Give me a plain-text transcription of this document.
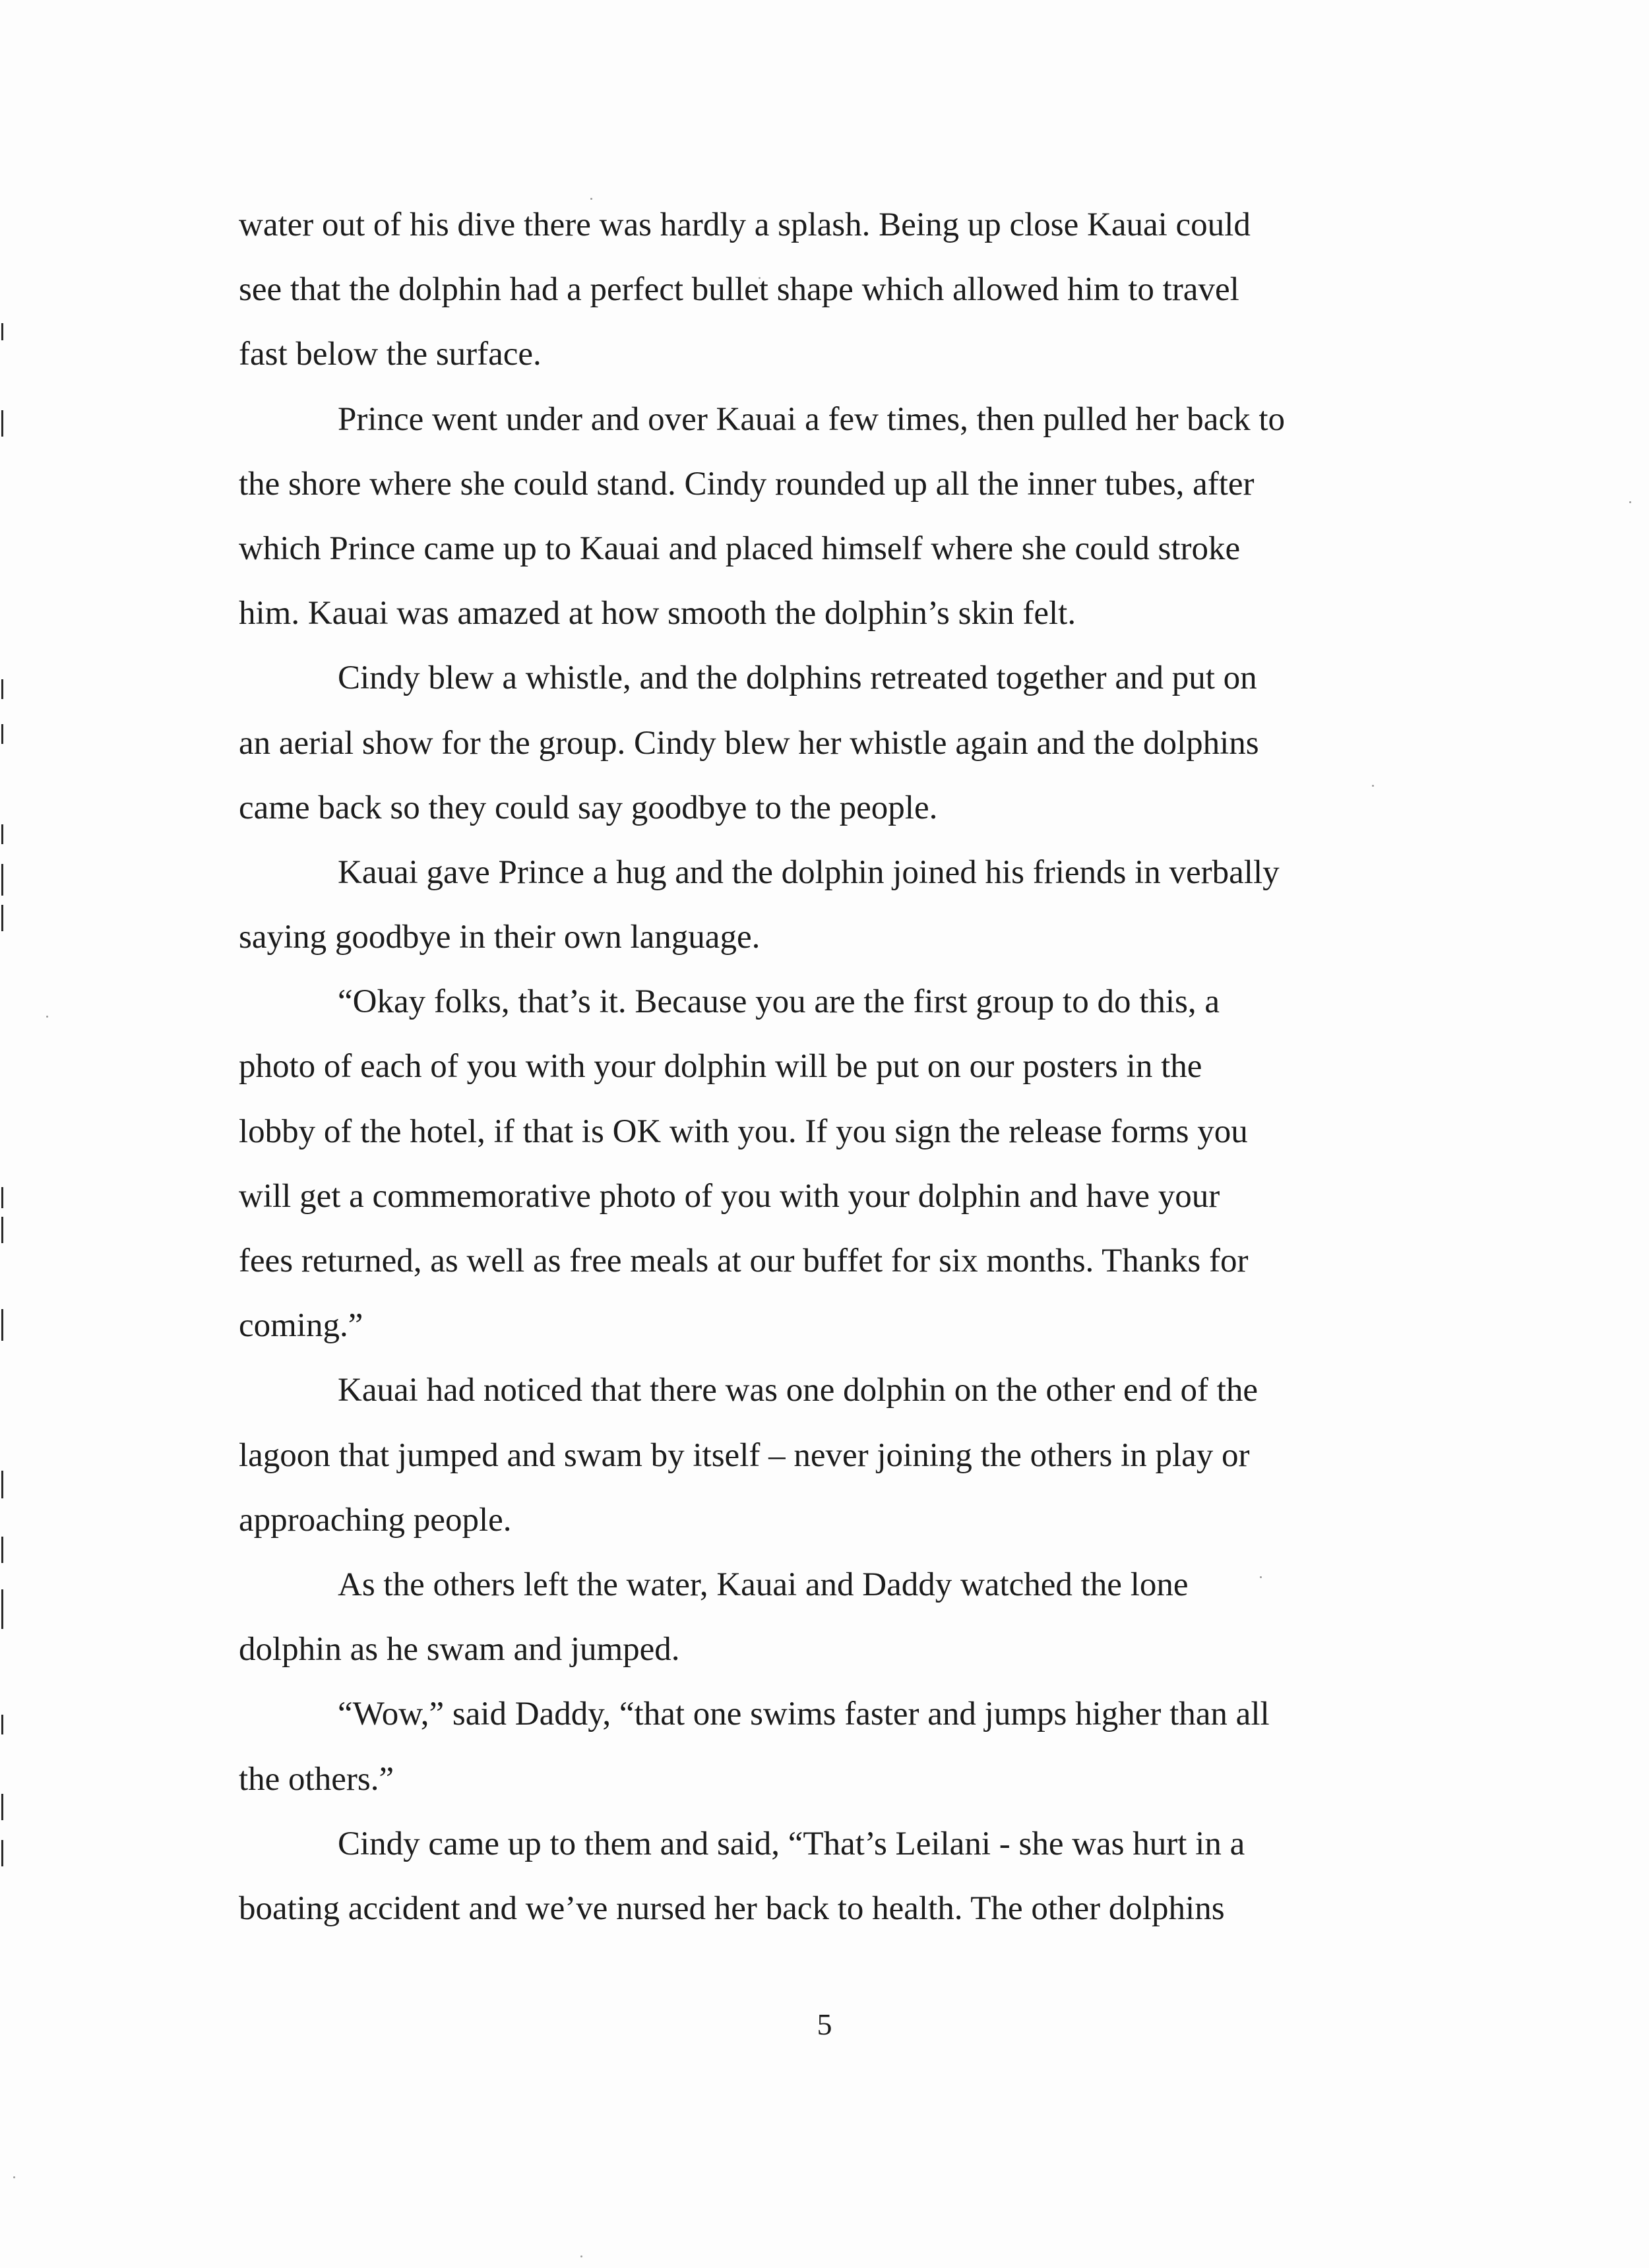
water out of his dive there was hardly a splash. Being up close Kauai could
see that the dolphin had a perfect bullet shape which allowed him to travel
fast below the surface.
Prince went under and over Kauai a few times, then pulled her back to
the shore where she could stand. Cindy rounded up all the inner tubes, after
which Prince came up to Kauai and placed himself where she could stroke
him. Kauai was amazed at how smooth the dolphin’s skin felt.
Cindy blew a whistle, and the dolphins retreated together and put on
an aerial show for the group. Cindy blew her whistle again and the dolphins
came back so they could say goodbye to the people.
Kauai gave Prince a hug and the dolphin joined his friends in verbally
saying goodbye in their own language.
“Okay folks, that’s it. Because you are the first group to do this, a
photo of each of you with your dolphin will be put on our posters in the
lobby of the hotel, if that is OK with you. If you sign the release forms you
will get a commemorative photo of you with your dolphin and have your
fees returned, as well as free meals at our buffet for six months. Thanks for
coming.”
Kauai had noticed that there was one dolphin on the other end of the
lagoon that jumped and swam by itself – never joining the others in play or
approaching people.
As the others left the water, Kauai and Daddy watched the lone
dolphin as he swam and jumped.
“Wow,” said Daddy, “that one swims faster and jumps higher than all
the others.”
Cindy came up to them and said, “That’s Leilani - she was hurt in a
boating accident and we’ve nursed her back to health. The other dolphins
5
